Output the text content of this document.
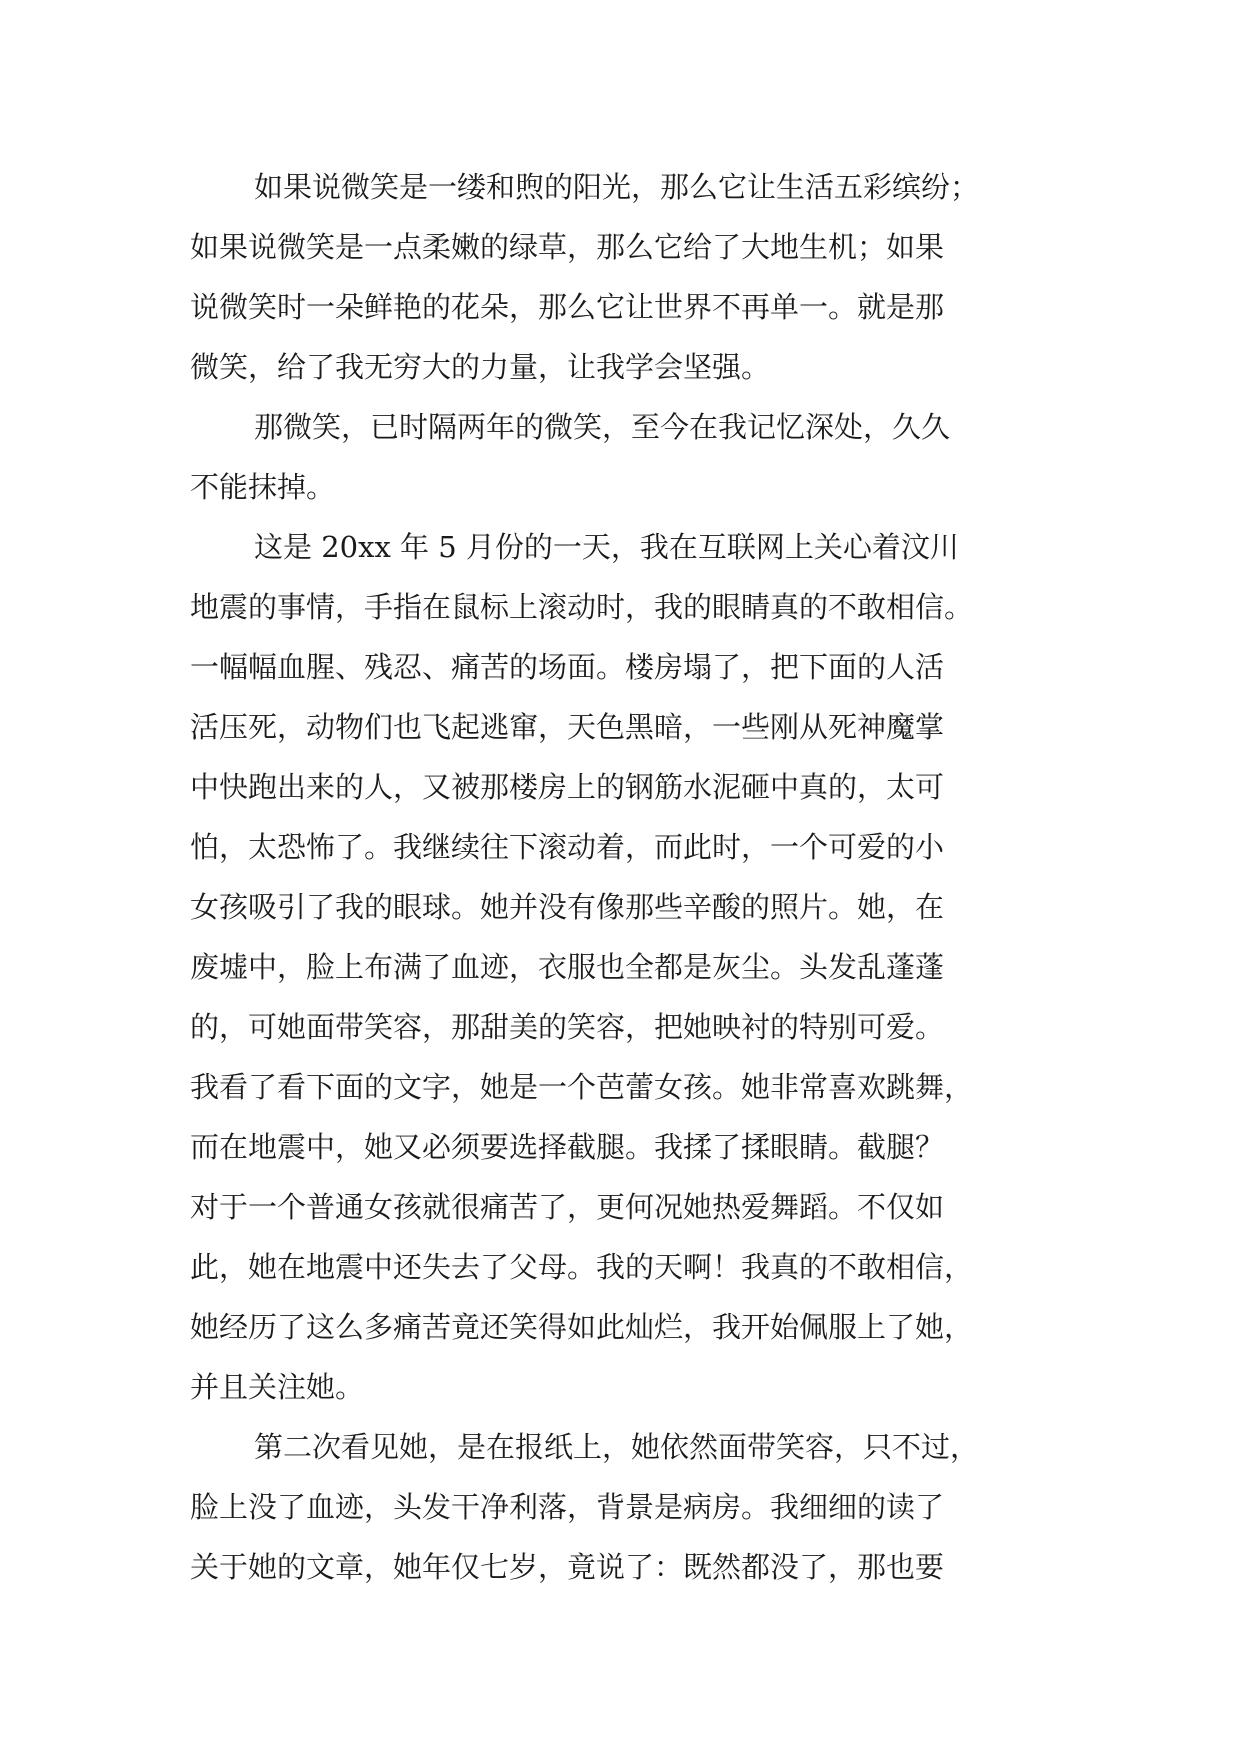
如果说微笑是一缕和煦的阳光，那么它让生活五彩缤纷；
如果说微笑是一点柔嫩的绿草，那么它给了大地生机；如果
说微笑时一朵鲜艳的花朵，那么它让世界不再单一。就是那
微笑，给了我无穷大的力量，让我学会坚强。
那微笑，已时隔两年的微笑，至今在我记忆深处，久久
不能抹掉。
这是 20xx 年 5 月份的一天，我在互联网上关心着汶川
地震的事情，手指在鼠标上滚动时，我的眼睛真的不敢相信。
一幅幅血腥、残忍、痛苦的场面。楼房塌了，把下面的人活
活压死，动物们也飞起逃窜，天色黑暗，一些刚从死神魔掌
中快跑出来的人，又被那楼房上的钢筋水泥砸中真的，太可
怕，太恐怖了。我继续往下滚动着，而此时，一个可爱的小
女孩吸引了我的眼球。她并没有像那些辛酸的照片。她，在
废墟中，脸上布满了血迹，衣服也全都是灰尘。头发乱蓬蓬
的，可她面带笑容，那甜美的笑容，把她映衬的特别可爱。
我看了看下面的文字，她是一个芭蕾女孩。她非常喜欢跳舞，
而在地震中，她又必须要选择截腿。我揉了揉眼睛。截腿？
对于一个普通女孩就很痛苦了，更何况她热爱舞蹈。不仅如
此，她在地震中还失去了父母。我的天啊！我真的不敢相信，
她经历了这么多痛苦竟还笑得如此灿烂，我开始佩服上了她，
并且关注她。
第二次看见她，是在报纸上，她依然面带笑容，只不过，
脸上没了血迹，头发干净利落，背景是病房。我细细的读了
关于她的文章，她年仅七岁，竟说了：既然都没了，那也要
